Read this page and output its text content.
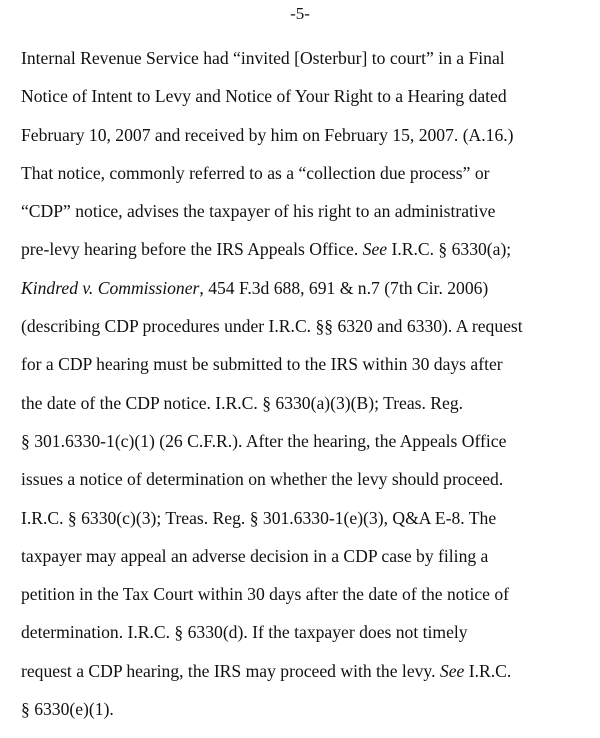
-5-
Internal Revenue Service had “invited [Osterbur] to court” in a Final
Notice of Intent to Levy and Notice of Your Right to a Hearing dated
February 10, 2007 and received by him on February 15, 2007. (A.16.)
That notice, commonly referred to as a “collection due process” or
“CDP” notice, advises the taxpayer of his right to an administrative
pre-levy hearing before the IRS Appeals Office. See I.R.C. § 6330(a);
Kindred v. Commissioner, 454 F.3d 688, 691 & n.7 (7th Cir. 2006)
(describing CDP procedures under I.R.C. §§ 6320 and 6330). A request
for a CDP hearing must be submitted to the IRS within 30 days after
the date of the CDP notice. I.R.C. § 6330(a)(3)(B); Treas. Reg.
§ 301.6330-1(c)(1) (26 C.F.R.). After the hearing, the Appeals Office
issues a notice of determination on whether the levy should proceed.
I.R.C. § 6330(c)(3); Treas. Reg. § 301.6330-1(e)(3), Q&A E-8. The
taxpayer may appeal an adverse decision in a CDP case by filing a
petition in the Tax Court within 30 days after the date of the notice of
determination. I.R.C. § 6330(d). If the taxpayer does not timely
request a CDP hearing, the IRS may proceed with the levy. See I.R.C.
§ 6330(e)(1).
